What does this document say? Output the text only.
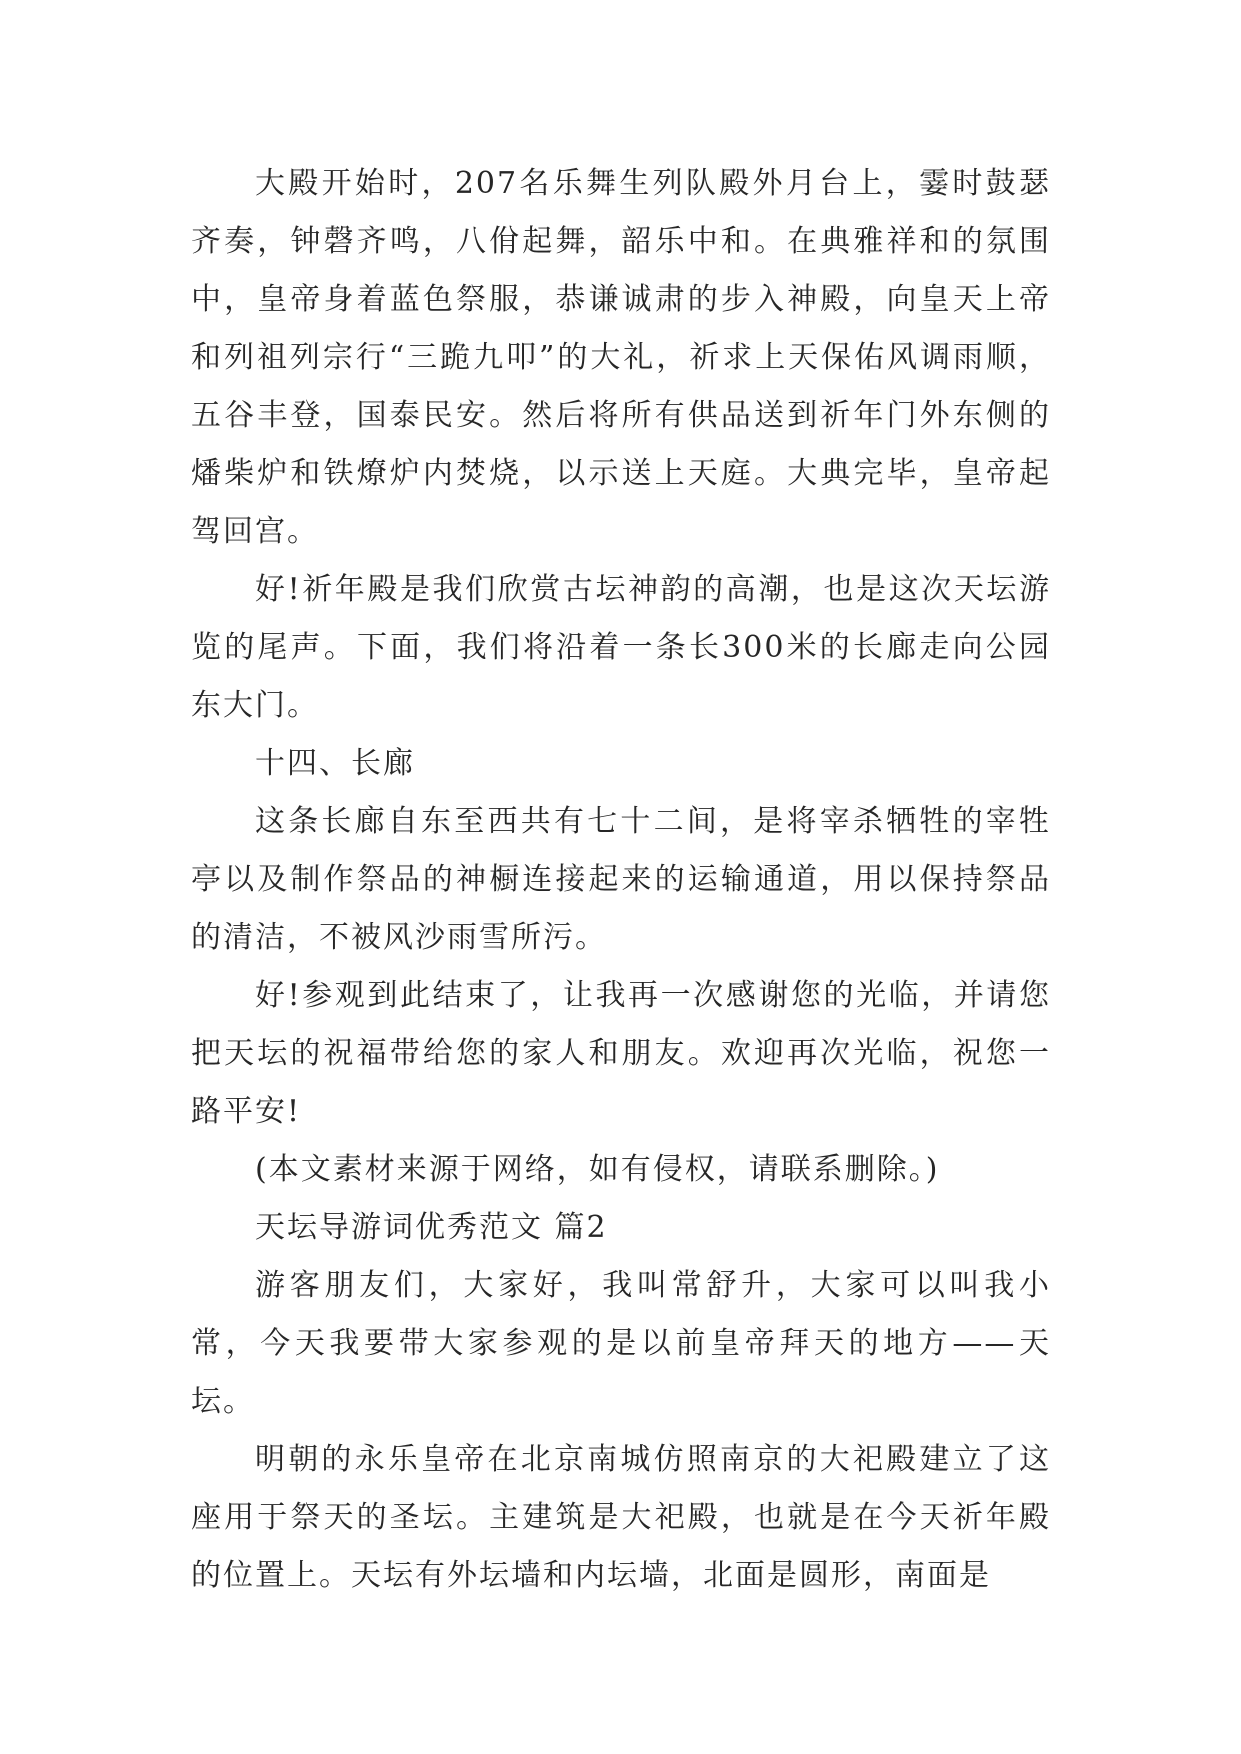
大殿开始时，207名乐舞生列队殿外月台上，霎时鼓瑟齐奏，钟磬齐鸣，八佾起舞，韶乐中和。在典雅祥和的氛围中，皇帝身着蓝色祭服，恭谦诚肃的步入神殿，向皇天上帝和列祖列宗行“三跪九叩”的大礼，祈求上天保佑风调雨顺，五谷丰登，国泰民安。然后将所有供品送到祈年门外东侧的燔柴炉和铁燎炉内焚烧，以示送上天庭。大典完毕，皇帝起驾回宫。

好!祈年殿是我们欣赏古坛神韵的高潮，也是这次天坛游览的尾声。下面，我们将沿着一条长300米的长廊走向公园东大门。

十四、长廊

这条长廊自东至西共有七十二间，是将宰杀牺牲的宰牲亭以及制作祭品的神橱连接起来的运输通道，用以保持祭品的清洁，不被风沙雨雪所污。

好!参观到此结束了，让我再一次感谢您的光临，并请您把天坛的祝福带给您的家人和朋友。欢迎再次光临，祝您一路平安!

(本文素材来源于网络，如有侵权，请联系删除。)

天坛导游词优秀范文 篇2

游客朋友们，大家好，我叫常舒升，大家可以叫我小常，今天我要带大家参观的是以前皇帝拜天的地方——天坛。

明朝的永乐皇帝在北京南城仿照南京的大祀殿建立了这座用于祭天的圣坛。主建筑是大祀殿，也就是在今天祈年殿的位置上。天坛有外坛墙和内坛墙，北面是圆形，南面是
